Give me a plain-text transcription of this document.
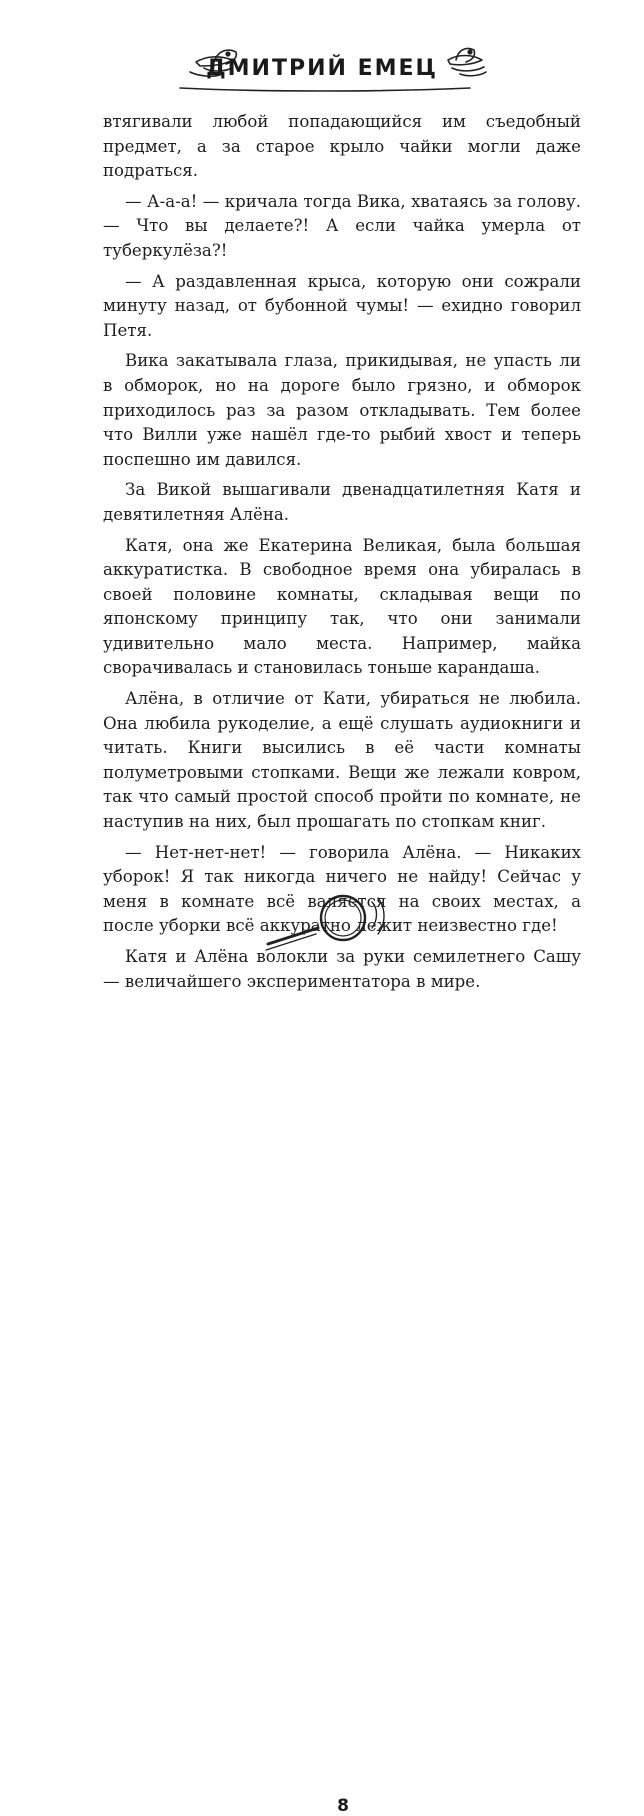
ДМИТРИЙ ЕМЕЦ

втягивали любой попадающийся им съедобный предмет, а за старое крыло чайки могли даже подраться.

— А-а-а! — кричала тогда Вика, хватаясь за голову. — Что вы делаете?! А если чайка умерла от туберкулёза?!

— А раздавленная крыса, которую они сожрали минуту назад, от бубонной чумы! — ехидно говорил Петя.

Вика закатывала глаза, прикидывая, не упасть ли в обморок, но на дороге было грязно, и обморок приходилось раз за разом откладывать. Тем более что Вилли уже нашёл где-то рыбий хвост и теперь поспешно им давился.

За Викой вышагивали двенадцатилетняя Катя и девятилетняя Алёна.

Катя, она же Екатерина Великая, была большая аккуратистка. В свободное время она убиралась в своей половине комнаты, складывая вещи по японскому принципу так, что они занимали удивительно мало места. Например, майка сворачивалась и становилась тоньше карандаша.

Алёна, в отличие от Кати, убираться не любила. Она любила рукоделие, а ещё слушать аудиокниги и читать. Книги высились в её части комнаты полуметровыми стопками. Вещи же лежали ковром, так что самый простой способ пройти по комнате, не наступив на них, был прошагать по стопкам книг.

— Нет-нет-нет! — говорила Алёна. — Никаких уборок! Я так никогда ничего не найду! Сейчас у меня в комнате всё валяется на своих местах, а после уборки всё аккуратно лежит неизвестно где!

Катя и Алёна волокли за руки семилетнего Сашу — величайшего экспериментатора в мире.

8
